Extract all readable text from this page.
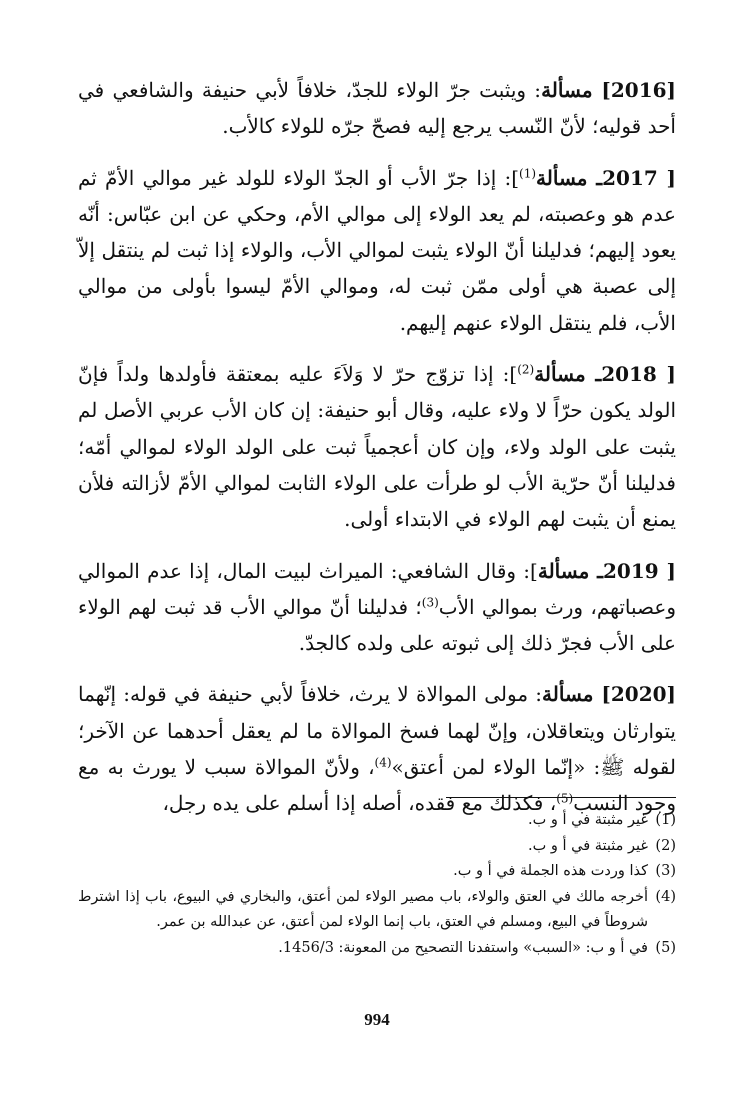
[2016] مسألة: ويثبت جرّ الولاء للجدّ، خلافاً لأبي حنيفة والشافعي في أحد قوليه؛ لأنّ النّسب يرجع إليه فصحّ جرّه للولاء كالأب.

[ 2017ـ مسألة$^{(1)}$]: إذا جرّ الأب أو الجدّ الولاء للولد غير موالي الأمّ ثم عدم هو وعصبته، لم يعد الولاء إلى موالي الأم، وحكي عن ابن عبّاس: أنّه يعود إليهم؛ فدليلنا أنّ الولاء يثبت لموالي الأب، والولاء إذا ثبت لم ينتقل إلاّ إلى عصبة هي أولى ممّن ثبت له، وموالي الأمّ ليسوا بأولى من موالي الأب، فلم ينتقل الولاء عنهم إليهم.

[ 2018ـ مسألة$^{(2)}$]: إذا تزوّج حرّ لا وَلاَءَ عليه بمعتقة فأولدها ولداً فإنّ الولد يكون حرّاً لا ولاء عليه، وقال أبو حنيفة: إن كان الأب عربي الأصل لم يثبت على الولد ولاء، وإن كان أعجمياً ثبت على الولد الولاء لموالي أمّه؛ فدليلنا أنّ حرّية الأب لو طرأت على الولاء الثابت لموالي الأمّ لأزالته فلأن يمنع أن يثبت لهم الولاء في الابتداء أولى.

[ 2019ـ مسألة]: وقال الشافعي: الميراث لبيت المال، إذا عدم الموالي وعصباتهم، ورث بموالي الأب$^{(3)}$؛ فدليلنا أنّ موالي الأب قد ثبت لهم الولاء على الأب فجرّ ذلك إلى ثبوته على ولده كالجدّ.

[2020] مسألة: مولى الموالاة لا يرث، خلافاً لأبي حنيفة في قوله: إنّهما يتوارثان ويتعاقلان، وإنّ لهما فسخ الموالاة ما لم يعقل أحدهما عن الآخر؛ لقوله ﷺ: «إنّما الولاء لمن أعتق»$^{(4)}$، ولأنّ الموالاة سبب لا يورث به مع وجود النسب$^{(5)}$، فكذلك مع فقده، أصله إذا أسلم على يده رجل،

(1)
غير مثبتة في أ و ب.
(2)
غير مثبتة في أ و ب.
(3)
كذا وردت هذه الجملة في أ و ب.
(4)
أخرجه مالك في العتق والولاء، باب مصير الولاء لمن أعتق، والبخاري في البيوع، باب إذا اشترط شروطاً في البيع، ومسلم في العتق، باب إنما الولاء لمن أعتق، عن عبدالله بن عمر.
(5)
في أ و ب: «السبب» واستفدنا التصحيح من المعونة: 1456/3.
994
